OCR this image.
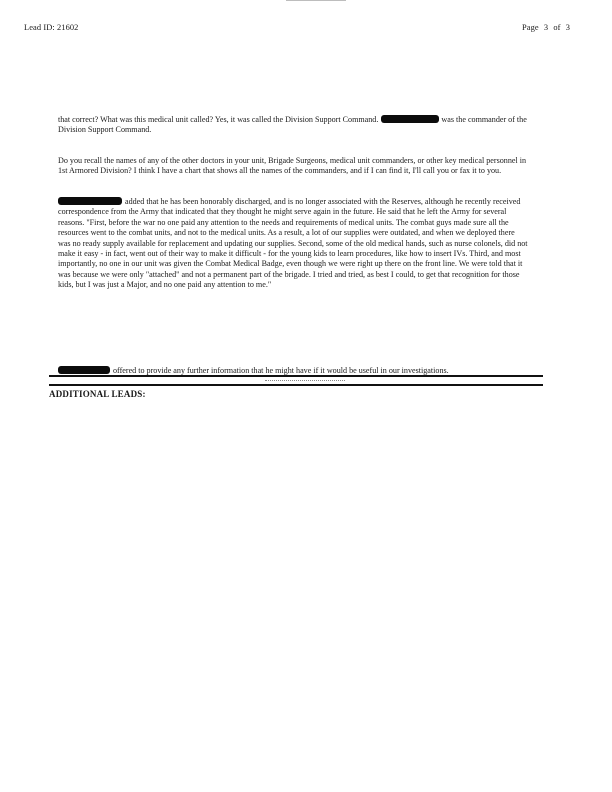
Lead ID: 21602	Page 3 of 3

that correct? What was this medical unit called? Yes, it was called the Division Support Command.	was the commander of the Division Support Command.

Do you recall the names of any of the other doctors in your unit, Brigade Surgeons, medical unit commanders, or other key medical personnel in 1st Armored Division? I think I have a chart that shows all the names of the commanders, and if I can find it, I'll call you or fax it to you.

added that he has been honorably discharged, and is no longer associated with the Reserves, although he recently received correspondence from the Army that indicated that they thought he might serve again in the future. He said that he left the Army for several reasons. "First, before the war no one paid any attention to the needs and requirements of medical units. The combat guys made sure all the resources went to the combat units, and not to the medical units. As a result, a lot of our supplies were outdated, and when we deployed there was no ready supply available for replacement and updating our supplies. Second, some of the old medical hands, such as nurse colonels, did not make it easy - in fact, went out of their way to make it difficult - for the young kids to learn procedures, like how to insert IVs. Third, and most importantly, no one in our unit was given the Combat Medical Badge, even though we were right up there on the front line. We were told that it was because we were only "attached" and not a permanent part of the brigade. I tried and tried, as best I could, to get that recognition for those kids, but I was just a Major, and no one paid any attention to me."

offered to provide any further information that he might have if it would be useful in our investigations.

ADDITIONAL LEADS:
